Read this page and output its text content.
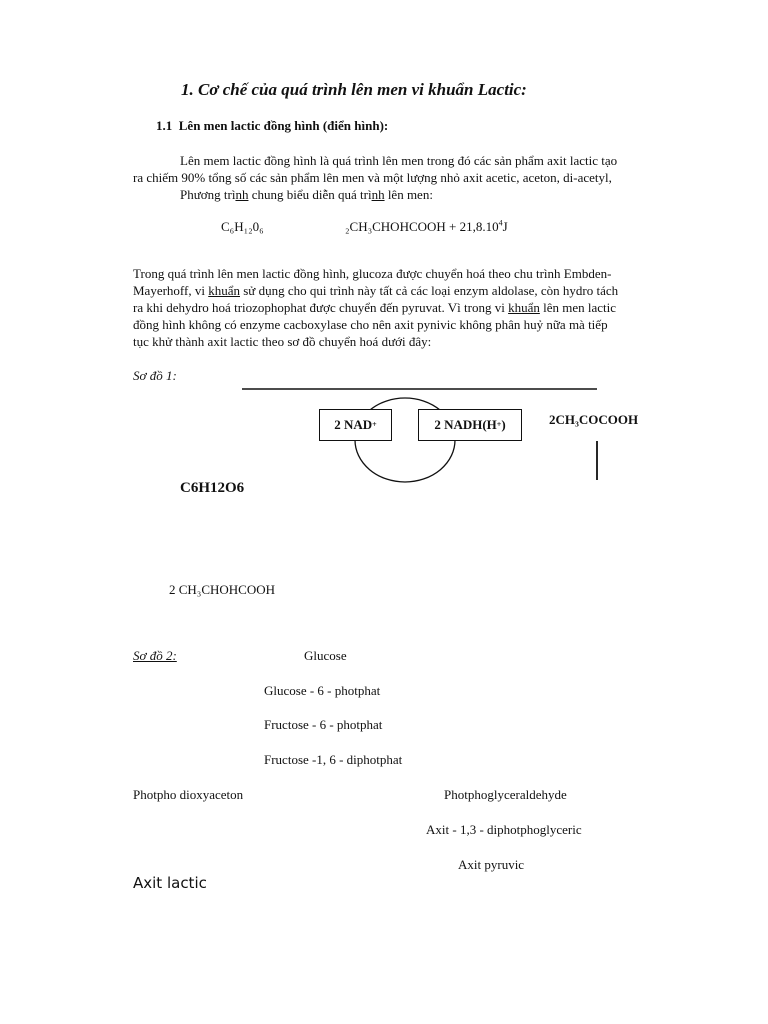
1. Cơ chế của quá trình lên men vi khuẩn Lactic:
1.1 Lên men lactic đồng hình (điển hình):
Lên mem lactic đồng hình là quá trình lên men trong đó các sản phẩm axit lactic tạo
ra chiếm 90% tổng số các sản phẩm lên men và một lượng nhỏ axit acetic, aceton, di-acetyl,
Phương trình chung biểu diễn quá trình lên men:
C₆H₁₂0₆	₂CH₃CHOHCOOH + $21,8.10^4J$
Trong quá trình lên men lactic đồng hình, glucoza được chuyển hoá theo chu trình Embden-
Mayerhoff, vi khuẩn sử dụng cho qui trình này tất cả các loại enzym aldolase, còn hydro tách
ra khi dehydro hoá triozophophat được chuyển đến pyruvat. Vì trong vi khuẩn lên men lactic
đồng hình không có enzyme cacboxylase cho nên axit pynivic không phân huỷ nữa mà tiếp
tục khử thành axit lactic theo sơ đồ chuyển hoá dưới đây:
Sơ đồ 1:
2 NAD +	2 NADH(H + )	2CH₃COCOOH
C6H12O6
2 CH₃CHOHCOOH
Sơ đồ 2:	Glucose
Glucose - 6 - photphat
Fructose - 6 - photphat
Fructose -1, 6 - diphotphat
Photpho dioxyaceton	Photphoglyceraldehyde
Axit - 1,3 - diphotphoglyceric
Axit pyruvic
Axit lactic
